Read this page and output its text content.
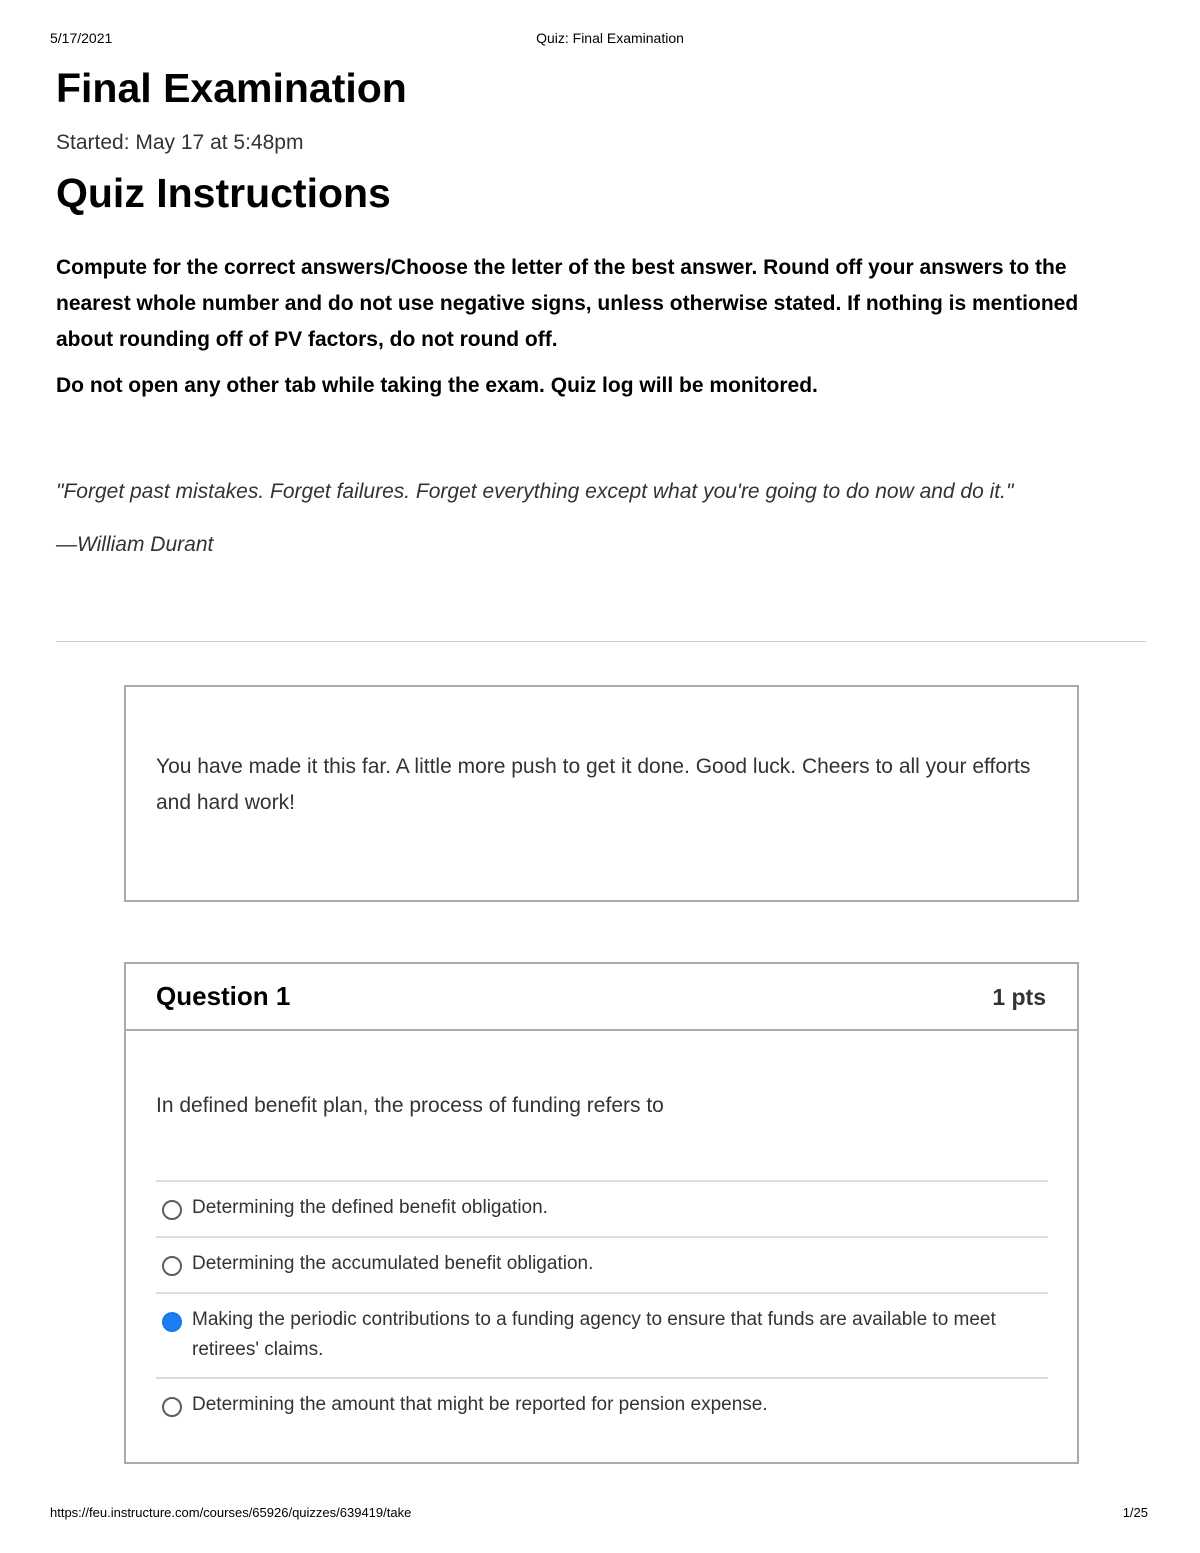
5/17/2021	Quiz: Final Examination
Final Examination
Started: May 17 at 5:48pm
Quiz Instructions

Compute for the correct answers/Choose the letter of the best answer. Round off your answers to the nearest whole number and do not use negative signs, unless otherwise stated. If nothing is mentioned about rounding off of PV factors, do not round off.

Do not open any other tab while taking the exam. Quiz log will be monitored.

"Forget past mistakes. Forget failures. Forget everything except what you're going to do now and do it."

—William Durant

You have made it this far. A little more push to get it done. Good luck. Cheers to all your efforts and hard work!

Question 1	1 pts

In defined benefit plan, the process of funding refers to

Determining the defined benefit obligation.
Determining the accumulated benefit obligation.
Making the periodic contributions to a funding agency to ensure that funds are available to meet retirees' claims.
Determining the amount that might be reported for pension expense.
https://feu.instructure.com/courses/65926/quizzes/639419/take	1/25
